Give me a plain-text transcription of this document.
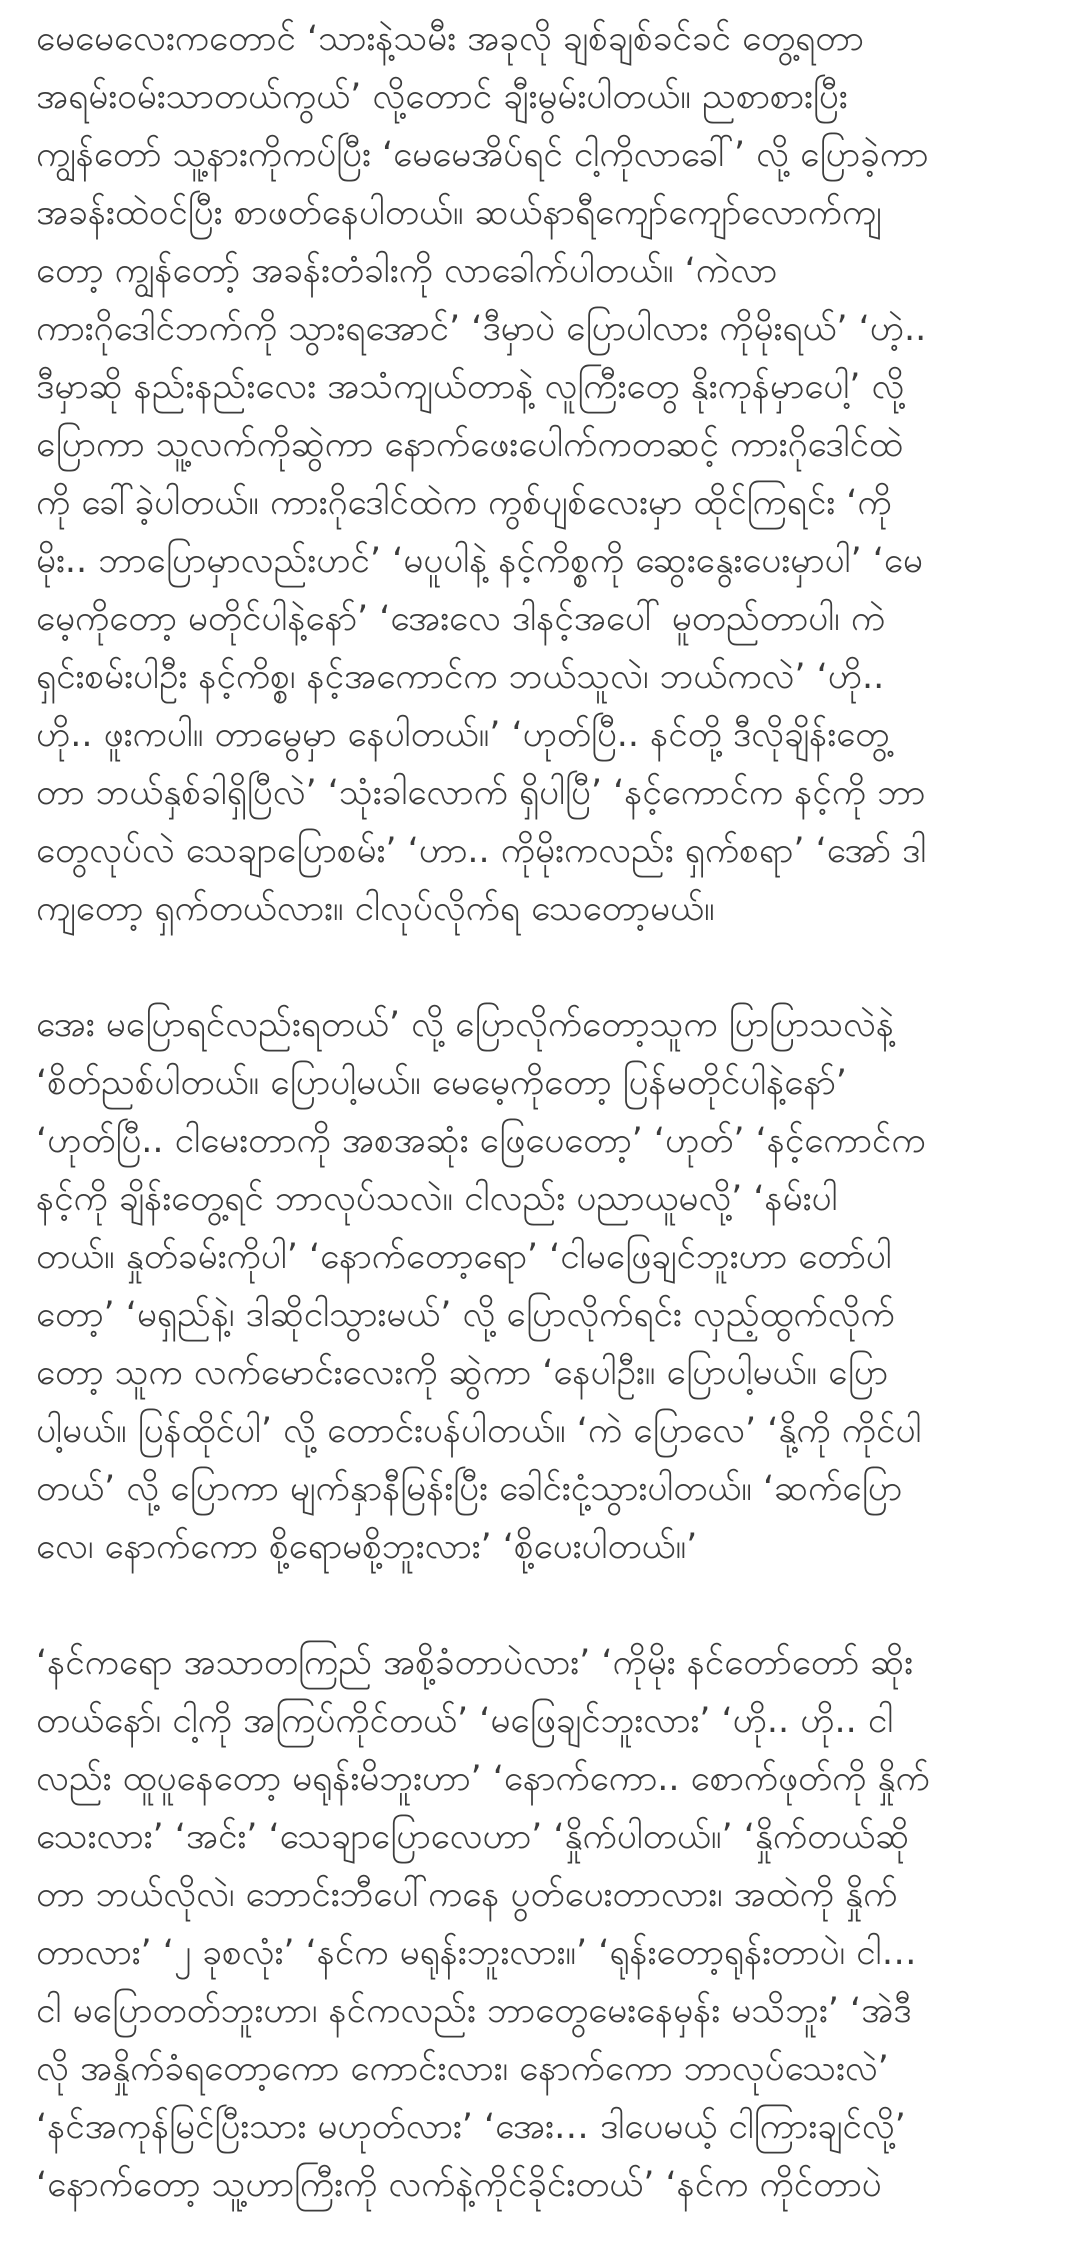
မေမေလေးကတောင် ‘သားနဲ့သမီး အခုလို ချစ်ချစ်ခင်ခင် တွေ့ရတာ
အရမ်းဝမ်းသာတယ်ကွယ်’ လို့တောင် ချီးမွမ်းပါတယ်။ ညစာစားပြီး
ကျွန်တော် သူ့နားကိုကပ်ပြီး ‘မေမေအိပ်ရင် ငါ့ကိုလာခေါ်’ လို့ ပြောခဲ့ကာ
အခန်းထဲဝင်ပြီး စာဖတ်နေပါတယ်။ ဆယ်နာရီကျော်ကျော်လောက်ကျ
တော့ ကျွန်တော့် အခန်းတံခါးကို လာခေါက်ပါတယ်။ ‘ကဲလာ
ကားဂိုဒေါင်ဘက်ကို သွားရအောင်’ ‘ဒီမှာပဲ ပြောပါလား ကိုမိုးရယ်’ ‘ဟဲ့..
ဒီမှာဆို နည်းနည်းလေး အသံကျယ်တာနဲ့ လူကြီးတွေ နိုးကုန်မှာပေါ့’ လို့
ပြောကာ သူ့လက်ကိုဆွဲကာ နောက်ဖေးပေါက်ကတဆင့် ကားဂိုဒေါင်ထဲ
ကို ခေါ်ခဲ့ပါတယ်။ ကားဂိုဒေါင်ထဲက ကွစ်ပျစ်လေးမှာ ထိုင်ကြရင်း ‘ကို
မိုး.. ဘာပြောမှာလည်းဟင်’ ‘မပူပါနဲ့ နင့်ကိစ္စကို ဆွေးနွေးပေးမှာပါ’ ‘မေ
မေ့ကိုတော့ မတိုင်ပါနဲ့နော်’ ‘အေးလေ ဒါနင့်အပေါ် မူတည်တာပါ၊ ကဲ
ရှင်းစမ်းပါဦး နင့်ကိစ္စ၊ နင့်အကောင်က ဘယ်သူလဲ၊ ဘယ်ကလဲ’ ‘ဟို..
ဟို.. ဖူးကပါ။ တာမွေမှာ နေပါတယ်။’ ‘ဟုတ်ပြီ.. နင်တို့ ဒီလိုချိန်းတွေ့
တာ ဘယ်နှစ်ခါရှိပြီလဲ’ ‘သုံးခါလောက် ရှိပါပြီ’ ‘နင့်ကောင်က နင့်ကို ဘာ
တွေလုပ်လဲ သေချာပြောစမ်း’ ‘ဟာ.. ကိုမိုးကလည်း ရှက်စရာ’ ‘အော် ဒါ
ကျတော့ ရှက်တယ်လား။ ငါလုပ်လိုက်ရ သေတော့မယ်။
အေး မပြောရင်လည်းရတယ်’ လို့ ပြောလိုက်တော့သူက ပြာပြာသလဲနဲ့
‘စိတ်ညစ်ပါတယ်။ ပြောပါ့မယ်။ မေမေ့ကိုတော့ ပြန်မတိုင်ပါနဲ့နော်’
‘ဟုတ်ပြီ.. ငါမေးတာကို အစအဆုံး ဖြေပေတော့’ ‘ဟုတ်’ ‘နင့်ကောင်က
နင့်ကို ချိန်းတွေ့ရင် ဘာလုပ်သလဲ။ ငါလည်း ပညာယူမလို့’ ‘နမ်းပါ
တယ်။ နှုတ်ခမ်းကိုပါ’ ‘နောက်တော့ရော’ ‘ငါမဖြေချင်ဘူးဟာ တော်ပါ
တော့’ ‘မရှည်နဲ့၊ ဒါဆိုငါသွားမယ်’ လို့ ပြောလိုက်ရင်း လှည့်ထွက်လိုက်
တော့ သူက လက်မောင်းလေးကို ဆွဲကာ ‘နေပါဦး။ ပြောပါ့မယ်။ ပြော
ပါ့မယ်။ ပြန်ထိုင်ပါ’ လို့ တောင်းပန်ပါတယ်။ ‘ကဲ ပြောလေ’ ‘နို့ကို ကိုင်ပါ
တယ်’ လို့ ပြောကာ မျက်နှာနီမြန်းပြီး ခေါင်းငုံ့သွားပါတယ်။ ‘ဆက်ပြော
လေ၊ နောက်ကော စို့ရောမစို့ဘူးလား’ ‘စို့ပေးပါတယ်။’
‘နင်ကရော အသာတကြည် အစို့ခံတာပဲလား’ ‘ကိုမိုး နင်တော်တော် ဆိုး
တယ်နော်၊ ငါ့ကို အကြပ်ကိုင်တယ်’ ‘မဖြေချင်ဘူးလား’ ‘ဟို.. ဟို.. ငါ
လည်း ထူပူနေတော့ မရုန်းမိဘူးဟာ’ ‘နောက်ကော.. စောက်ဖုတ်ကို နှိုက်
သေးလား’ ‘အင်း’ ‘သေချာပြောလေဟာ’ ‘နှိုက်ပါတယ်။’ ‘နှိုက်တယ်ဆို
တာ ဘယ်လိုလဲ၊ ဘောင်းဘီပေါ်ကနေ ပွတ်ပေးတာလား၊ အထဲကို နှိုက်
တာလား’ ‘၂ ခုစလုံး’ ‘နင်က မရုန်းဘူးလား။’ ‘ရုန်းတော့ရုန်းတာပဲ၊ ငါ…
ငါ မပြောတတ်ဘူးဟာ၊ နင်ကလည်း ဘာတွေမေးနေမှန်း မသိဘူး’ ‘အဲဒီ
လို အနှိုက်ခံရတော့ကော ကောင်းလား၊ နောက်ကော ဘာလုပ်သေးလဲ’
‘နင်အကုန်မြင်ပြီးသား မဟုတ်လား’ ‘အေး… ဒါပေမယ့် ငါကြားချင်လို့’
‘နောက်တော့ သူ့ဟာကြီးကို လက်နဲ့ကိုင်ခိုင်းတယ်’ ‘နင်က ကိုင်တာပဲ
